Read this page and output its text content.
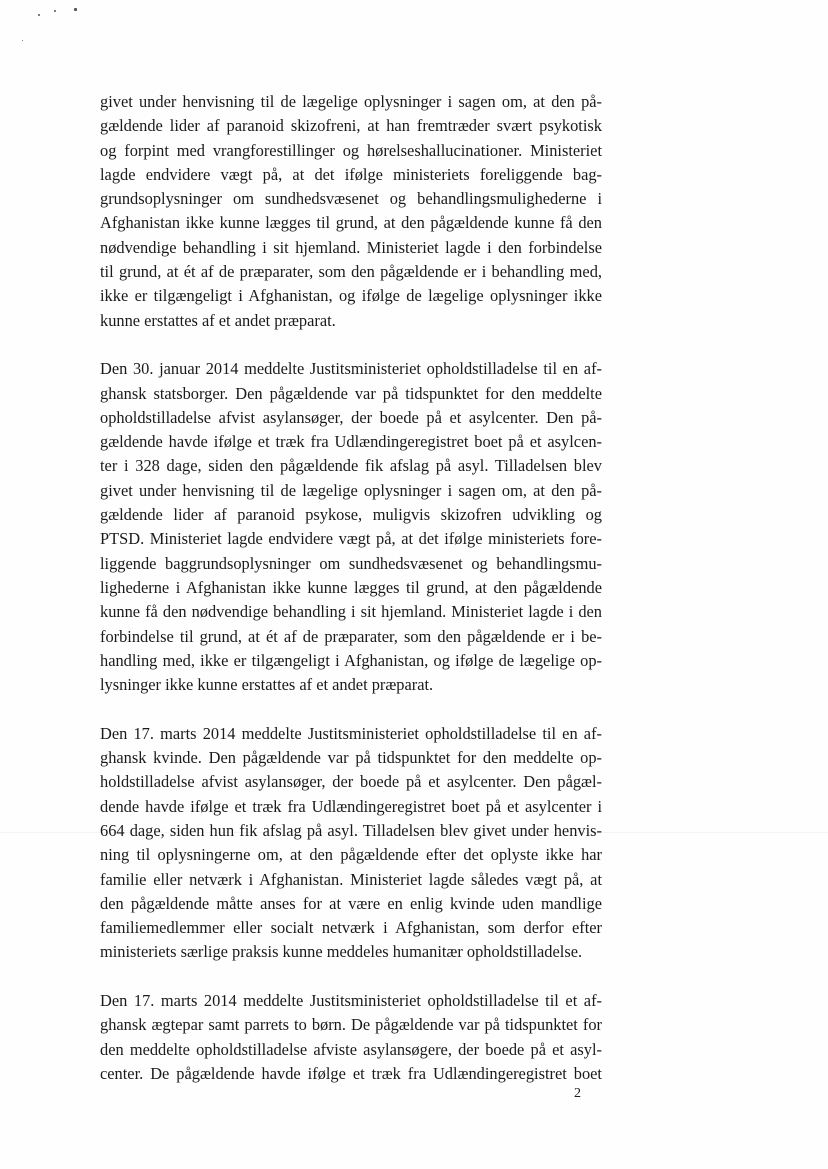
givet under henvisning til de lægelige oplysninger i sagen om, at den på-
gældende lider af paranoid skizofreni, at han fremtræder svært psykotisk
og forpint med vrangforestillinger og hørelseshallucinationer. Ministeriet
lagde endvidere vægt på, at det ifølge ministeriets foreliggende bag-
grundsoplysninger om sundhedsvæsenet og behandlingsmulighederne i
Afghanistan ikke kunne lægges til grund, at den pågældende kunne få den
nødvendige behandling i sit hjemland. Ministeriet lagde i den forbindelse
til grund, at ét af de præparater, som den pågældende er i behandling med,
ikke er tilgængeligt i Afghanistan, og ifølge de lægelige oplysninger ikke
kunne erstattes af et andet præparat.

Den 30. januar 2014 meddelte Justitsministeriet opholdstilladelse til en af-
ghansk statsborger. Den pågældende var på tidspunktet for den meddelte
opholdstilladelse afvist asylansøger, der boede på et asylcenter. Den på-
gældende havde ifølge et træk fra Udlændingeregistret boet på et asylcen-
ter i 328 dage, siden den pågældende fik afslag på asyl. Tilladelsen blev
givet under henvisning til de lægelige oplysninger i sagen om, at den på-
gældende lider af paranoid psykose, muligvis skizofren udvikling og
PTSD. Ministeriet lagde endvidere vægt på, at det ifølge ministeriets fore-
liggende baggrundsoplysninger om sundhedsvæsenet og behandlingsmu-
lighederne i Afghanistan ikke kunne lægges til grund, at den pågældende
kunne få den nødvendige behandling i sit hjemland. Ministeriet lagde i den
forbindelse til grund, at ét af de præparater, som den pågældende er i be-
handling med, ikke er tilgængeligt i Afghanistan, og ifølge de lægelige op-
lysninger ikke kunne erstattes af et andet præparat.

Den 17. marts 2014 meddelte Justitsministeriet opholdstilladelse til en af-
ghansk kvinde. Den pågældende var på tidspunktet for den meddelte op-
holdstilladelse afvist asylansøger, der boede på et asylcenter. Den pågæl-
dende havde ifølge et træk fra Udlændingeregistret boet på et asylcenter i
664 dage, siden hun fik afslag på asyl. Tilladelsen blev givet under henvis-
ning til oplysningerne om, at den pågældende efter det oplyste ikke har
familie eller netværk i Afghanistan. Ministeriet lagde således vægt på, at
den pågældende måtte anses for at være en enlig kvinde uden mandlige
familiemedlemmer eller socialt netværk i Afghanistan, som derfor efter
ministeriets særlige praksis kunne meddeles humanitær opholdstilladelse.

Den 17. marts 2014 meddelte Justitsministeriet opholdstilladelse til et af-
ghansk ægtepar samt parrets to børn. De pågældende var på tidspunktet for
den meddelte opholdstilladelse afviste asylansøgere, der boede på et asyl-
center. De pågældende havde ifølge et træk fra Udlændingeregistret boet

2
